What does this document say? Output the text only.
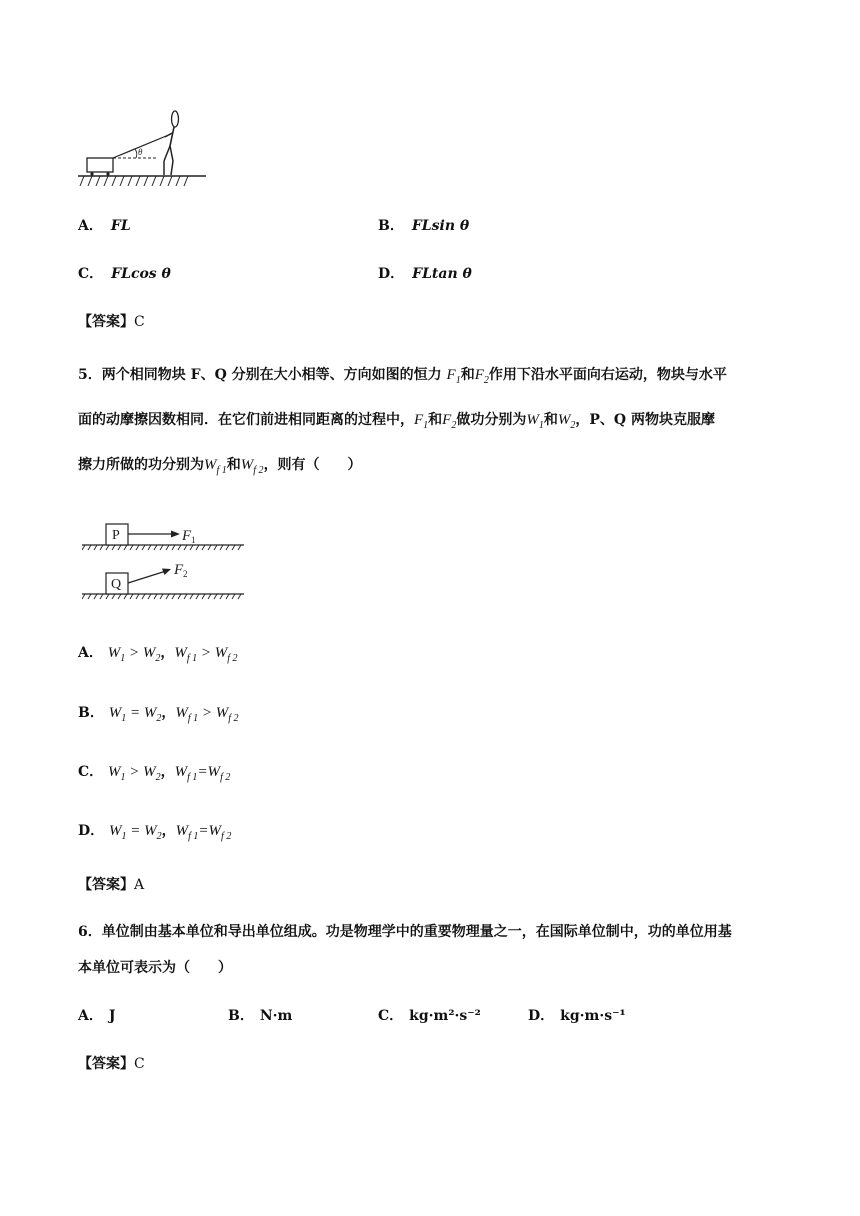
θ
A． FL	B． FLsin θ
C． FLcos θ	D． FLtan θ
【答案】C
5．两个相同物块 F、Q 分别在大小相等、方向如图的恒力 $F_1$和$F_2$作用下沿水平面向右运动，物块与水平
面的动摩擦因数相同．在它们前进相同距离的过程中，$F_1$和$F_2$做功分别为$W_1$和$W_2$，P、Q 两物块克服摩
擦力所做的功分别为$W_{f 1}$和$W_{f 2}$，则有（　　）
P	F 1
Q
F 2
A． $W_1 > W_2$，$W_{f 1} > W_{f 2}$
B． $W_1 = W_2$，$W_{f 1} > W_{f 2}$
C． $W_1 > W_2$，$W_{f 1}=W_{f 2}$
D． $W_1 = W_2$，$W_{f 1}=W_{f 2}$
【答案】A
6．单位制由基本单位和导出单位组成。功是物理学中的重要物理量之一，在国际单位制中，功的单位用基
本单位可表示为（　　）
A． J	B． N·m	C． kg·m²·s⁻²	D． kg·m·s⁻¹
【答案】C
